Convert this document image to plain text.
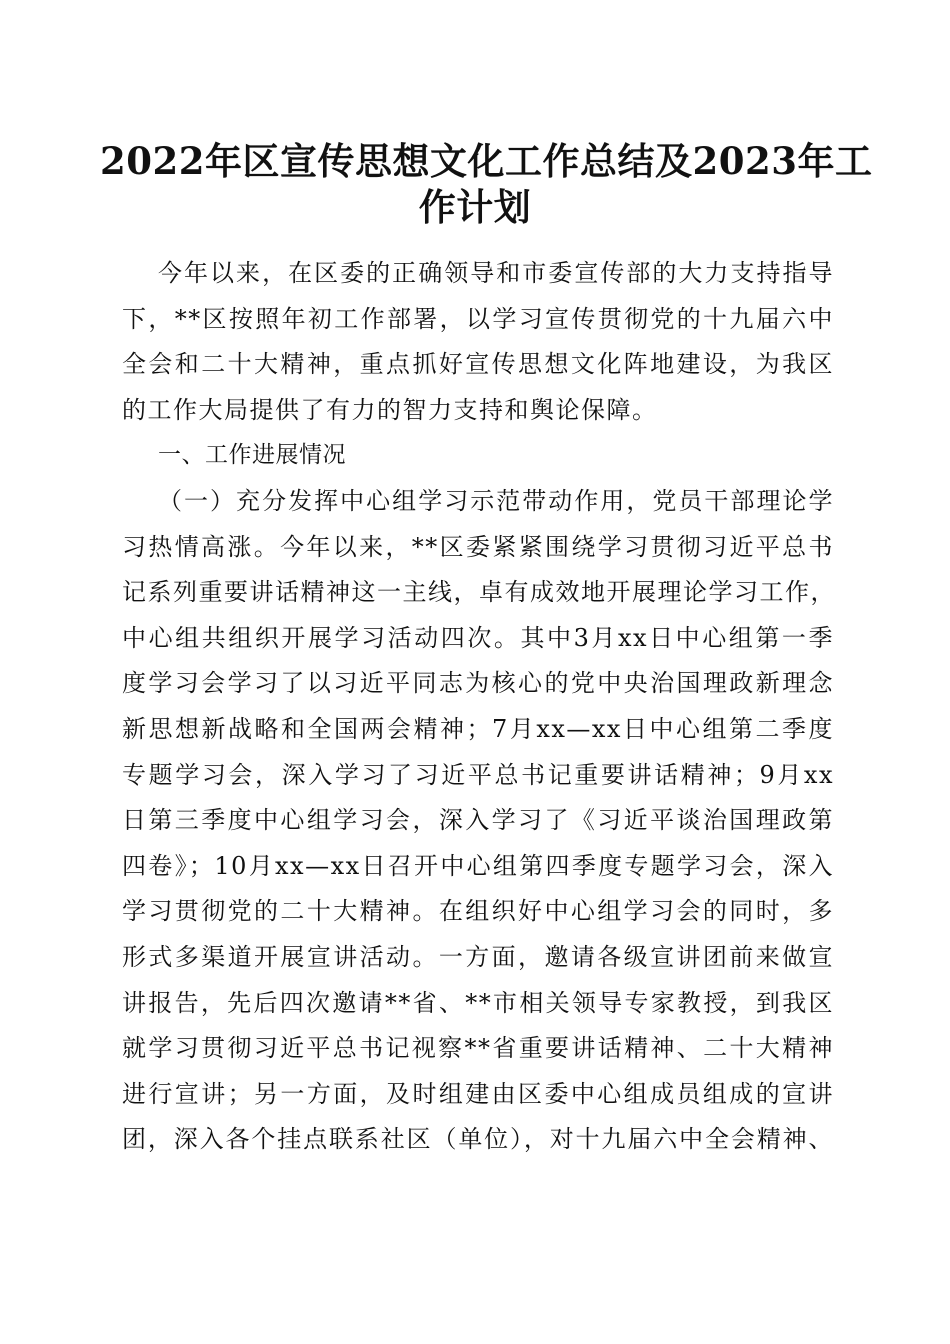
2022年区宣传思想文化工作总结及2023年工
作计划
今年以来，在区委的正确领导和市委宣传部的大力支持指导
下，**区按照年初工作部署，以学习宣传贯彻党的十九届六中
全会和二十大精神，重点抓好宣传思想文化阵地建设，为我区
的工作大局提供了有力的智力支持和舆论保障。
一、工作进展情况
（一）充分发挥中心组学习示范带动作用，党员干部理论学
习热情高涨。今年以来，**区委紧紧围绕学习贯彻习近平总书
记系列重要讲话精神这一主线，卓有成效地开展理论学习工作，
中心组共组织开展学习活动四次。其中3月xx日中心组第一季
度学习会学习了以习近平同志为核心的党中央治国理政新理念
新思想新战略和全国两会精神；7月xx—xx日中心组第二季度
专题学习会，深入学习了习近平总书记重要讲话精神；9月xx
日第三季度中心组学习会，深入学习了《习近平谈治国理政第
四卷》；10月xx—xx日召开中心组第四季度专题学习会，深入
学习贯彻党的二十大精神。在组织好中心组学习会的同时，多
形式多渠道开展宣讲活动。一方面，邀请各级宣讲团前来做宣
讲报告，先后四次邀请**省、**市相关领导专家教授，到我区
就学习贯彻习近平总书记视察**省重要讲话精神、二十大精神
进行宣讲；另一方面，及时组建由区委中心组成员组成的宣讲
团，深入各个挂点联系社区（单位），对十九届六中全会精神、
